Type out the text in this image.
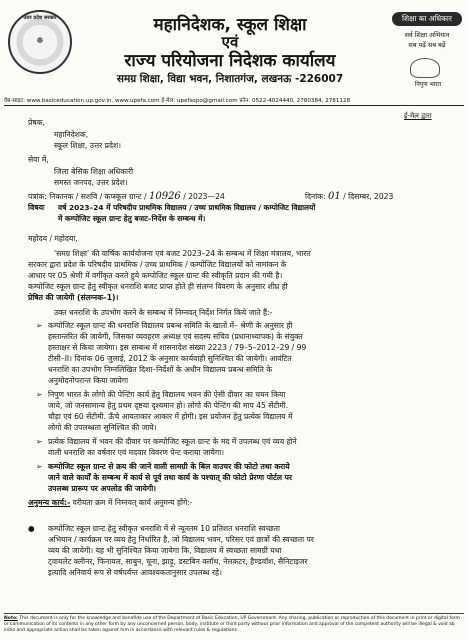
उत्तर प्रदेश सरकार
☸
महानिदेशक, स्कूल शिक्षा
एवं
राज्य परियोजना निदेशक कार्यालय
समग्र शिक्षा, विद्या भवन, निशातगंज, लखनऊ -226007
शिक्षा का अधिकार
सर्व शिक्षा अभियान
सब पढ़ें सब बढ़ें
निपुण भारत
वेब-साइट: www.basiceducation.up.gov.in, www.upefa.com ई-मेल: upefaspo@gmail.com फ़ोन: 0522-4024440, 2780384, 2781128
ई-मेल द्वारा
प्रेषक,
महानिदेशक,
स्कूल शिक्षा, उत्तर प्रदेश।
सेवा में,
जिला बेसिक शिक्षा अधिकारी
समस्त जनपद, उत्तर प्रदेश।
पत्रांक: निकानक / सशवि / कप्स्कूल ग्रान्ट / 10926 / 2023—24	दिनांक: 01 / दिसम्बर, 2023
विषयः वर्ष 2023–24 में परिषदीय प्राथमिक विद्यालय / उच्च प्राथमिक विद्यालय / कम्पोजिट विद्यालयों
में कम्पोजिट स्कूल ग्रान्ट हेतु बजट–निर्देश के सम्बन्ध में।
महोदय / महोदया,
'समग्र शिक्षा' की वार्षिक कार्ययोजना एवं बजट 2023–24 के सम्बन्ध में शिक्षा मंत्रालय, भारत
सरकार द्वारा प्रदेश के परिषदीय प्राथमिक / उच्च प्राथमिक / कम्पोजिट विद्यालयों को नामांकन के
आधार पर 05 श्रेणी में वर्गीकृत करते हुये कम्पोजिट स्कूल ग्रान्ट की स्वीकृति प्रदान की गयी है।
कम्पोजिट स्कूल ग्रान्ट हेतु स्वीकृत धनराशि बजट प्राप्त होते ही संलग्न विवरण के अनुसार शीघ्र ही
प्रेषित की जायेगी (संलग्नक–1)।
उक्त धनराशि के उपभोग करने के सम्बन्ध में निम्नवत् निर्देश निर्गत किये जाते हैं:-
➢ कम्पोजिट स्कूल ग्रान्ट की धनराशि विद्यालय प्रबन्ध समिति के खातों में– श्रेणी के अनुसार ही
हस्तान्तरित की जायेगी, जिसका व्यवहरण अध्यक्ष एवं सदस्य सचिव (प्रधानाध्यापक) के संयुक्त
हस्ताक्षर से किया जायेगा। इस सम्बन्ध में शासनादेश संख्या 2223 / 79–5–2012–29 / 99
टीसी–II। दिनांक 06 जुलाई, 2012 के अनुसार कार्यवाही सुनिश्चित की जायेगी। आवंटित
धनराशि का उपभोग निम्नलिखित दिशा–निर्देशों के अधीन विद्यालय प्रबन्ध समिति के
अनुमोदनोपरान्त किया जायेगा
➢ निपुण भारत के लोगो की पेन्टिंग कार्य हेतु विद्यालय भवन की ऐसी दीवार का चयन किया
जाये, जो जनसामान्य हेतु प्रथम दृष्टया दृश्यमान हो। लोगो की पेन्टिंग की माप 45 सेंटीमी.
चौड़ा एवं 60 सेंटीमी. ऊँचे आयताकार आकार में होगी। इस प्रयोजन हेतु प्रत्येक विद्यालय में
लोगो की उपलब्धता सुनिश्चित की जाये।
➢ प्रत्येक विद्यालय में भवन की दीवार पर कम्पोजिट स्कूल ग्रान्ट के मद में उपलब्ध एवं व्यय होने
वाली धनराशि का वर्षवार एवं मदवार विवरण पेन्ट कराया जायेगा।
➢ कम्पोजिट स्कूल ग्रान्ट से क्रय की जाने वाली सामग्री के बिल वाउचर की फोटो तथा कराये
जाने वाले कार्यों के सम्बन्ध में कार्य से पूर्व तथा कार्य के पश्चात् की फोटो प्रेरणा पोर्टल पर
उपलब्ध प्रारूप पर अपलोड की जायेगी।
अनुमन्य कार्य:- वरीयता क्रम में निम्नवत् कार्य अनुमन्य होंगे:-
● कम्पोजिट स्कूल ग्रान्ट हेतु स्वीकृत धनराशि में से न्यूनतम 10 प्रतिशत धनराशि स्वच्छता
अभियान / कार्यक्रम पर व्यय हेतु निर्धारित है, जो विद्यालय भवन, परिसर एवं छात्रों की स्वच्छता पर
व्यय की जायेगी। यह भी सुनिश्चित किया जायेगा कि, विद्यालय में स्वच्छता सामग्री यथा
ट्वायलेट क्लीनर, फिनायल, साबुन, चूना, झाड़ू, डस्टबिन क्लॉथ, नेलकटर, हैण्डवॉश, सैनिटाइजर
इत्यादि अनिवार्य रूप से वर्षपर्यन्त आवश्यकतानुसार उपलब्ध रहे।
Note: This document is only for the knowledge and bonafide use of the Department of Basic Education, UP Government. Any sharing, publication or reproduction of this document in print or digital form or communication of its contents in any other form by any unconcerned person, body, institute or third party without prior information and approval of the competent authority will be illegal & void ab initio and appropriate action shall be taken against him in accordance with relevant rules & regulations.
